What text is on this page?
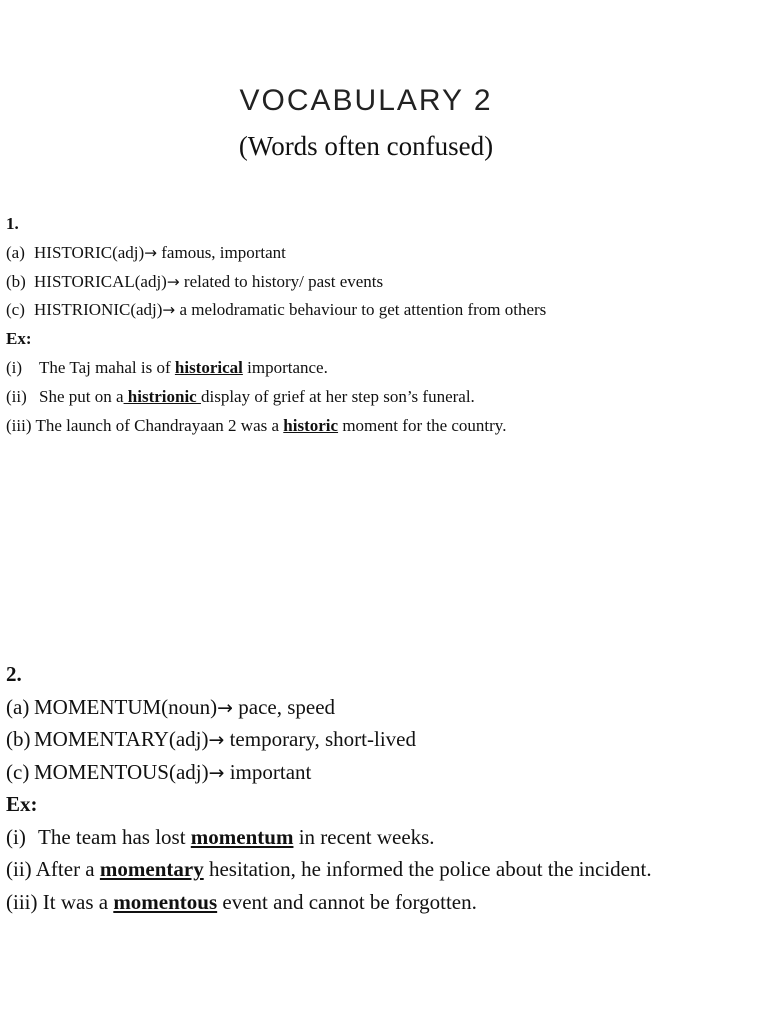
VOCABULARY 2
(Words often confused)
1.
(a) HISTORIC(adj)→ famous, important
(b) HISTORICAL(adj)→ related to history/ past events
(c) HISTRIONIC(adj)→ a melodramatic behaviour to get attention from others
Ex:
(i) The Taj mahal is of historical importance.
(ii) She put on a histrionic display of grief at her step son’s funeral.
(iii) The launch of Chandrayaan 2 was a historic moment for the country.
2.
(a) MOMENTUM(noun)→ pace, speed
(b) MOMENTARY(adj)→ temporary, short-lived
(c) MOMENTOUS(adj)→ important
Ex:
(i) The team has lost momentum in recent weeks.
(ii) After a momentary hesitation, he informed the police about the incident.
(iii) It was a momentous event and cannot be forgotten.
